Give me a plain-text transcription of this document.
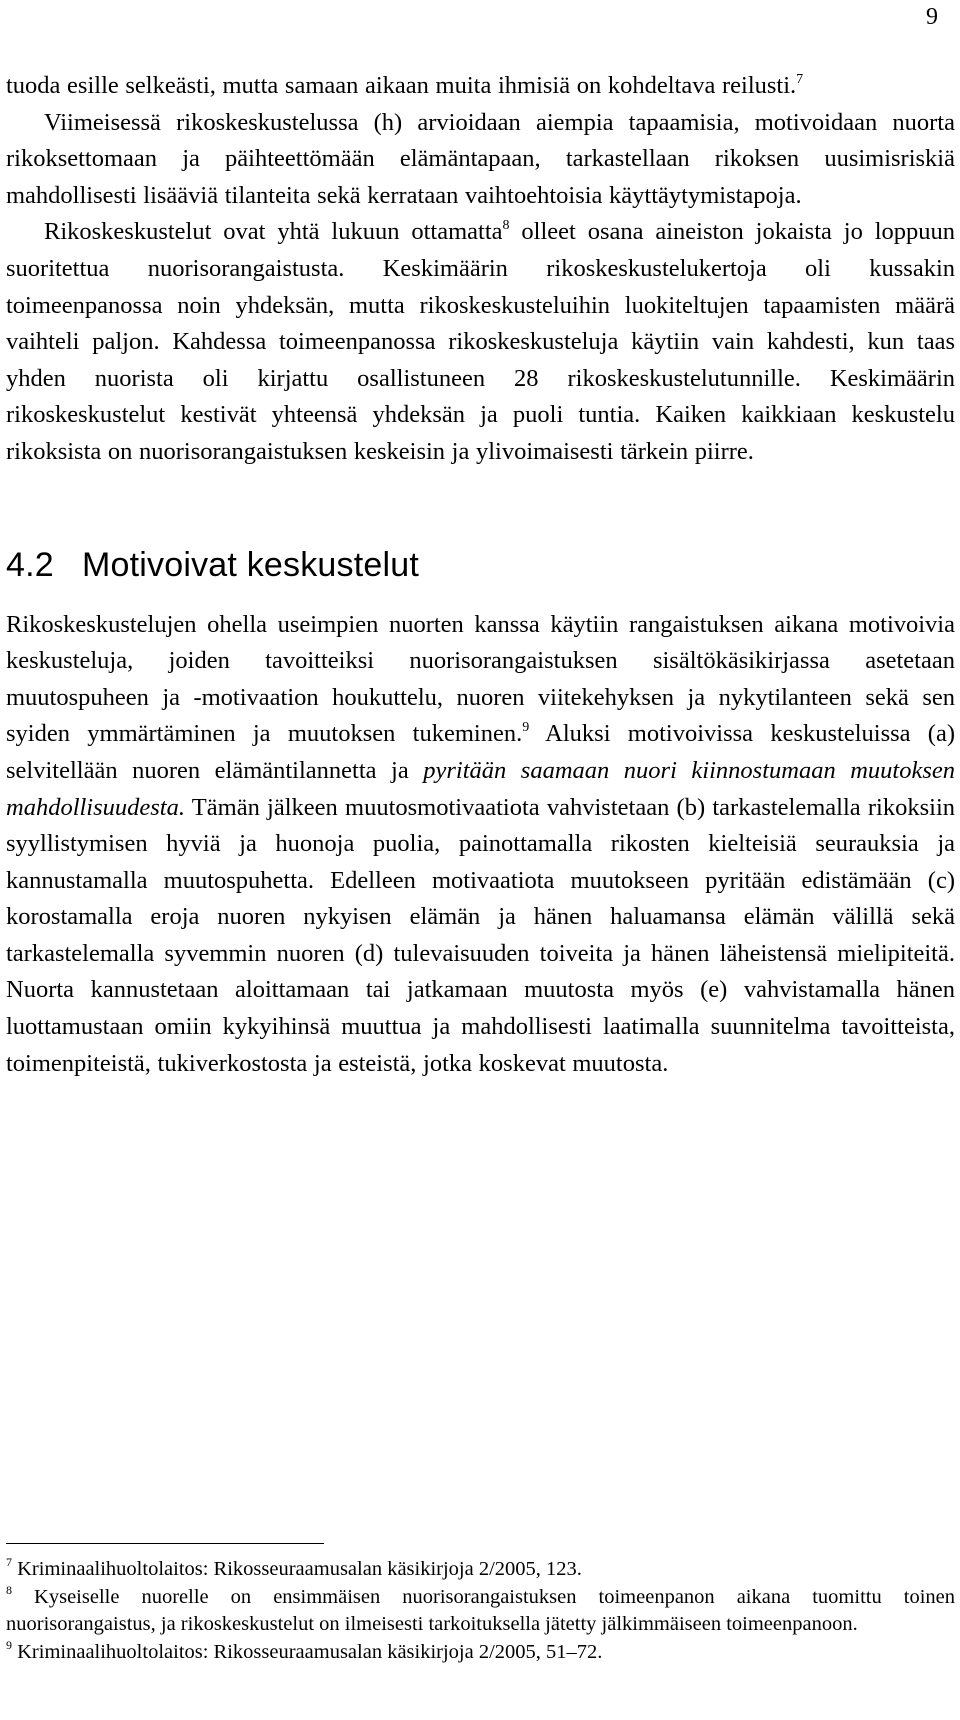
9

tuoda esille selkeästi, mutta samaan aikaan muita ihmisiä on kohdeltava reilusti.$^7$

Viimeisessä rikoskeskustelussa (h) arvioidaan aiempia tapaamisia, motivoidaan nuorta rikoksettomaan ja päihteettömään elämäntapaan, tarkastellaan rikoksen uusimisriskiä mahdollisesti lisääviä tilanteita sekä kerrataan vaihtoehtoisia käyttäytymistapoja.

Rikoskeskustelut ovat yhtä lukuun ottamatta$^8$ olleet osana aineiston jokaista jo loppuun suoritettua nuorisorangaistusta. Keskimäärin rikoskeskustelukertoja oli kussakin toimeenpanossa noin yhdeksän, mutta rikoskeskusteluihin luokiteltujen tapaamisten määrä vaihteli paljon. Kahdessa toimeenpanossa rikoskeskusteluja käytiin vain kahdesti, kun taas yhden nuorista oli kirjattu osallistuneen 28 rikoskeskustelutunnille. Keskimäärin rikoskeskustelut kestivät yhteensä yhdeksän ja puoli tuntia. Kaiken kaikkiaan keskustelu rikoksista on nuorisorangaistuksen keskeisin ja ylivoimaisesti tärkein piirre.

4.2 Motivoivat keskustelut

Rikoskeskustelujen ohella useimpien nuorten kanssa käytiin rangaistuksen aikana motivoivia keskusteluja, joiden tavoitteiksi nuorisorangaistuksen sisältökäsikirjassa asetetaan muutospuheen ja -motivaation houkuttelu, nuoren viitekehyksen ja nykytilanteen sekä sen syiden ymmärtäminen ja muutoksen tukeminen.$^9$ Aluksi motivoivissa keskusteluissa (a) selvitellään nuoren elämäntilannetta ja pyritään saamaan nuori kiinnostumaan muutoksen mahdollisuudesta. Tämän jälkeen muutosmotivaatiota vahvistetaan (b) tarkastelemalla rikoksiin syyllistymisen hyviä ja huonoja puolia, painottamalla rikosten kielteisiä seurauksia ja kannustamalla muutospuhetta. Edelleen motivaatiota muutokseen pyritään edistämään (c) korostamalla eroja nuoren nykyisen elämän ja hänen haluamansa elämän välillä sekä tarkastelemalla syvemmin nuoren (d) tulevaisuuden toiveita ja hänen läheistensä mielipiteitä. Nuorta kannustetaan aloittamaan tai jatkamaan muutosta myös (e) vahvistamalla hänen luottamustaan omiin kykyihinsä muuttua ja mahdollisesti laatimalla suunnitelma tavoitteista, toimenpiteistä, tukiverkostosta ja esteistä, jotka koskevat muutosta.

$^7$ Kriminaalihuoltolaitos: Rikosseuraamusalan käsikirjoja 2/2005, 123.

$^8$ Kyseiselle nuorelle on ensimmäisen nuorisorangaistuksen toimeenpanon aikana tuomittu toinen nuorisorangaistus, ja rikoskeskustelut on ilmeisesti tarkoituksella jätetty jälkimmäiseen toimeenpanoon.

$^9$ Kriminaalihuoltolaitos: Rikosseuraamusalan käsikirjoja 2/2005, 51–72.
